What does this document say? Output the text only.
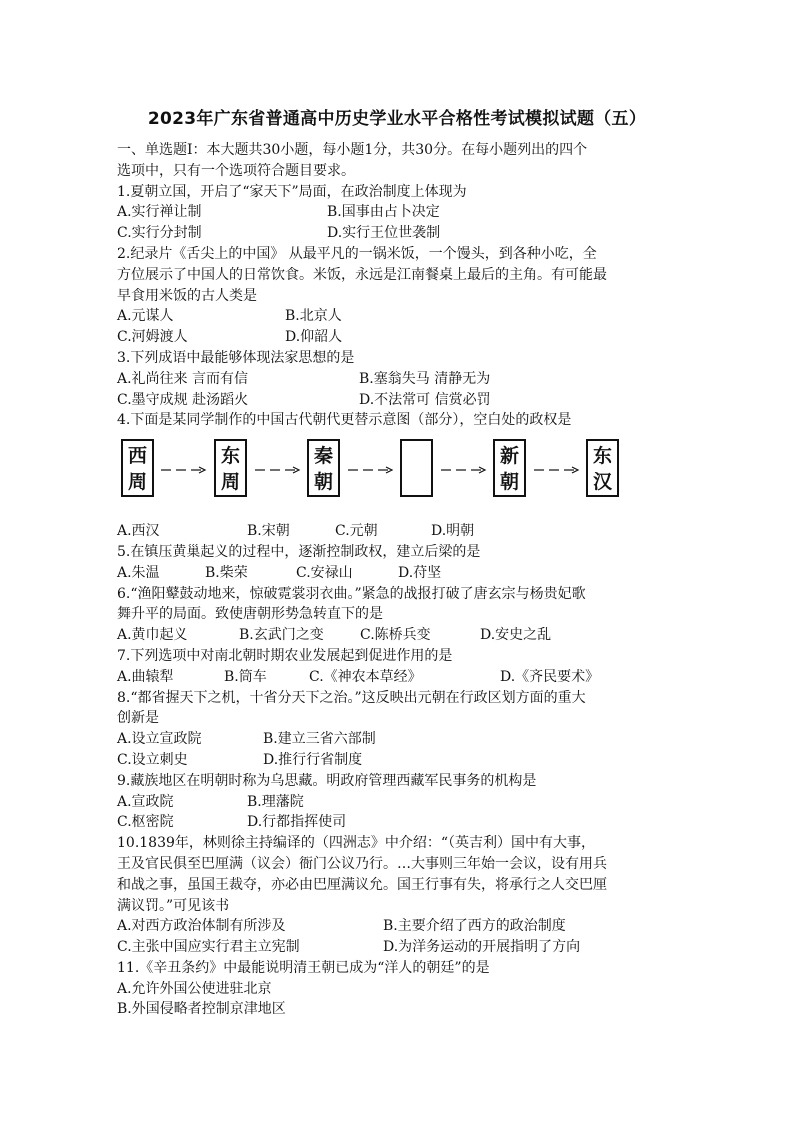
2023年广东省普通高中历史学业水平合格性考试模拟试题（五）
一、单选题Ⅰ：本大题共30小题，每小题1分，共30分。在每小题列出的四个
选项中，只有一个选项符合题目要求。
1.夏朝立国，开启了“家天下”局面，在政治制度上体现为
A.实行禅让制	B.国事由占卜决定
C.实行分封制	D.实行王位世袭制
2.纪录片《舌尖上的中国》 从最平凡的一锅米饭，一个馒头，到各种小吃，全
方位展示了中国人的日常饮食。米饭，永远是江南餐桌上最后的主角。有可能最
早食用米饭的古人类是
A.元谋人	B.北京人
C.河姆渡人	D.仰韶人
3.下列成语中最能够体现法家思想的是
A.礼尚往来 言而有信	B.塞翁失马 清静无为
C.墨守成规 赴汤蹈火	D.不法常可 信赏必罚
4.下面是某同学制作的中国古代朝代更替示意图（部分），空白处的政权是
西
周
东
周
秦
朝
新
朝
东
汉
A.西汉	B.宋朝	C.元朝	D.明朝
5.在镇压黄巢起义的过程中，逐渐控制政权，建立后梁的是
A.朱温	B.柴荣	C.安禄山	D.苻坚
6.“渔阳鼙鼓动地来，惊破霓裳羽衣曲。”紧急的战报打破了唐玄宗与杨贵妃歌
舞升平的局面。致使唐朝形势急转直下的是
A.黄巾起义	B.玄武门之变	C.陈桥兵变	D.安史之乱
7.下列选项中对南北朝时期农业发展起到促进作用的是
A.曲辕犁	B.筒车	C.《神农本草经》	D.《齐民要术》
8.“都省握天下之机，十省分天下之治。”这反映出元朝在行政区划方面的重大
创新是
A.设立宣政院	B.建立三省六部制
C.设立刺史	D.推行行省制度
9.藏族地区在明朝时称为乌思藏。明政府管理西藏军民事务的机构是
A.宣政院	B.理藩院
C.枢密院	D.行都指挥使司
10.1839年，林则徐主持编译的（四洲志》中介绍：“（英吉利）国中有大事，
王及官民俱至巴厘满（议会）衙门公议乃行。…大事则三年始一会议，设有用兵
和战之事，虽国王裁夺，亦必由巴厘满议允。国王行事有失，将承行之人交巴厘
满议罚。”可见该书
A.对西方政治体制有所涉及	B.主要介绍了西方的政治制度
C.主张中国应实行君主立宪制	D.为洋务运动的开展指明了方向
11.《辛丑条约》中最能说明清王朝已成为“洋人的朝廷”的是
A.允许外国公使进驻北京
B.外国侵略者控制京津地区
